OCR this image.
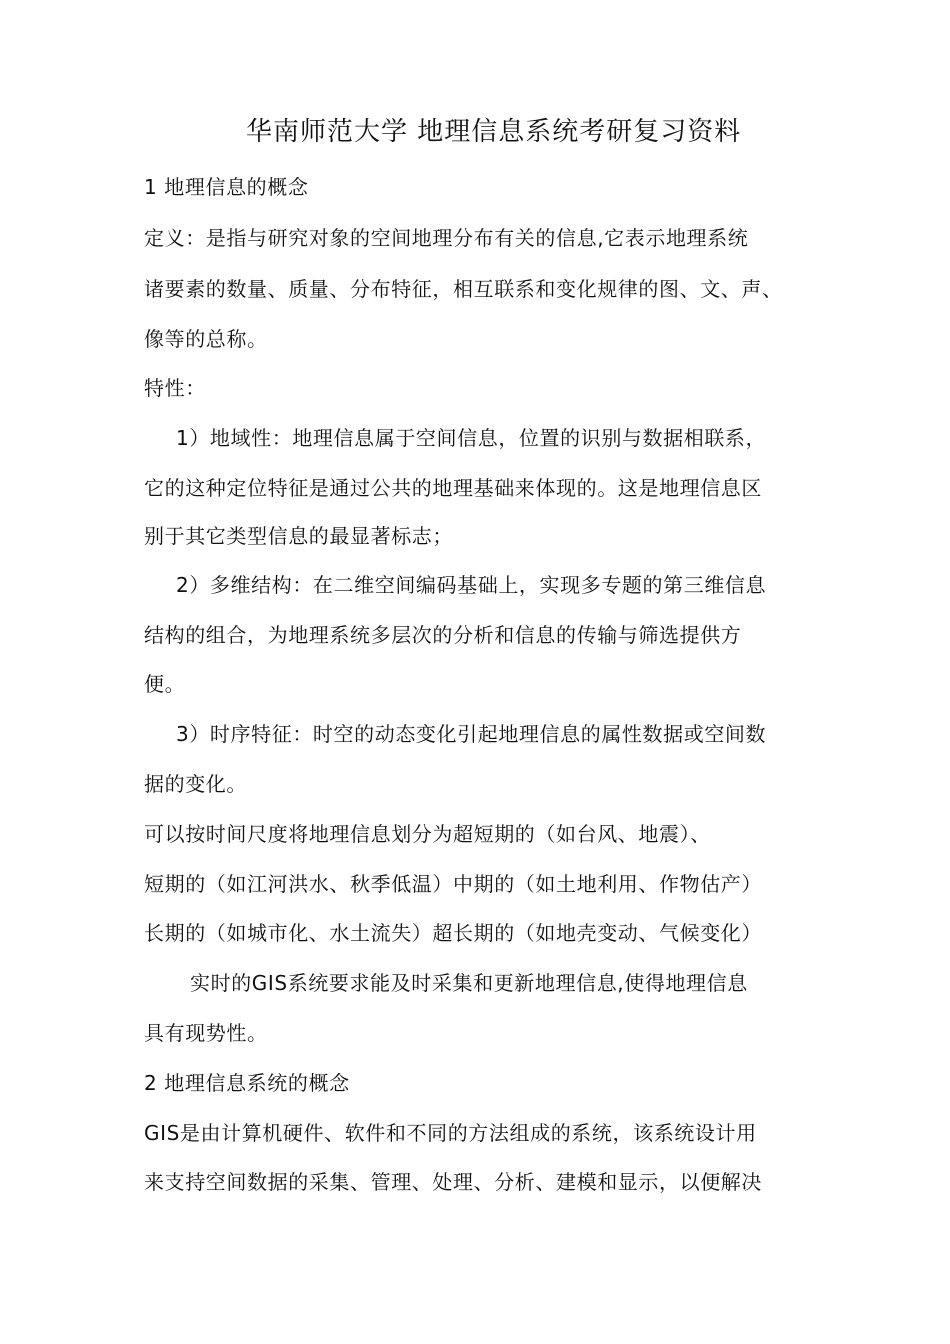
华南师范大学 地理信息系统考研复习资料
1 地理信息的概念
定义：是指与研究对象的空间地理分布有关的信息,它表示地理系统
诸要素的数量、质量、分布特征，相互联系和变化规律的图、文、声、
像等的总称。
特性：
1）地域性：地理信息属于空间信息，位置的识别与数据相联系，
它的这种定位特征是通过公共的地理基础来体现的。这是地理信息区
别于其它类型信息的最显著标志；
2）多维结构：在二维空间编码基础上，实现多专题的第三维信息
结构的组合，为地理系统多层次的分析和信息的传输与筛选提供方
便。
3）时序特征：时空的动态变化引起地理信息的属性数据或空间数
据的变化。
可以按时间尺度将地理信息划分为超短期的（如台风、地震）、
短期的（如江河洪水、秋季低温）中期的（如土地利用、作物估产）
长期的（如城市化、水土流失）超长期的（如地壳变动、气候变化）
实时的GIS系统要求能及时采集和更新地理信息,使得地理信息
具有现势性。
2 地理信息系统的概念
GIS是由计算机硬件、软件和不同的方法组成的系统，该系统设计用
来支持空间数据的采集、管理、处理、分析、建模和显示，以便解决
